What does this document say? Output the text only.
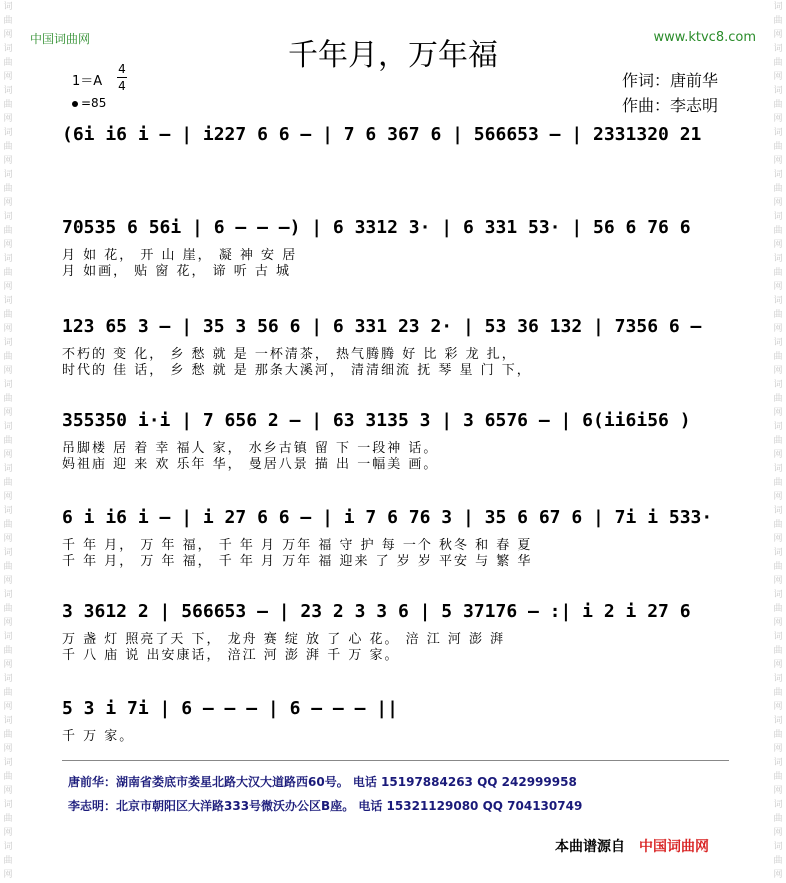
词曲网词曲网词曲网词曲网词曲网词曲网词曲网词曲网词曲网词曲网词曲网词曲网词曲网词曲网词曲网词曲网词曲网词曲网词曲网词曲网词曲网
词曲网词曲网词曲网词曲网词曲网词曲网词曲网词曲网词曲网词曲网词曲网词曲网词曲网词曲网词曲网词曲网词曲网词曲网词曲网词曲网词曲网
中国词曲网	www.ktvc8.com
千年月，万年福
1＝A
4
4
=85
作词：唐前华
作曲：李志明
(6i i6 i – | i227 6 6 – | 7 6 367 6 | 566653 – | 2331320 21
70535 6 56i | 6 – – –) | 6 3312 3· | 6 331 53· | 56 6 76 6
月 如 花， 开 山 崖， 凝 神 安 居
月 如画， 贴 窗 花， 谛 听 古 城
123 65 3 – | 35 3 56 6 | 6 331 23 2· | 53 36 132 | 7356 6 –
不朽的 变 化， 乡 愁 就 是 一杯清茶， 热气腾腾 好 比 彩 龙 扎，
时代的 佳 话， 乡 愁 就 是 那条大溪河， 清清细流 抚 琴 星 门 下，
355350 i·i | 7 656 2 – | 63 3135 3 | 3 6576 – | 6(ii6i56 )
吊脚楼 居 着 幸 福人 家， 水乡古镇 留 下 一段神 话。
妈祖庙 迎 来 欢 乐年 华， 曼居八景 描 出 一幅美 画。
6 i i6 i – | i 27 6 6 – | i 7 6 76 3 | 35 6 67 6 | 7i i 533·
千 年 月， 万 年 福， 千 年 月 万年 福 守 护 每 一个 秋冬 和 春 夏
千 年 月， 万 年 福， 千 年 月 万年 福 迎来 了 岁 岁 平安 与 繁 华
3 3612 2 | 566653 – | 23 2 3 3 6 | 5 37176 – :| i 2 i 27 6
万 盏 灯 照亮了天 下， 龙舟 赛 绽 放 了 心 花。 涪 江 河 澎 湃
千 八 庙 说 出安康话， 涪江 河 澎 湃 千 万 家。
5 3 i 7i | 6 – – – | 6 – – – ||
千 万 家。
唐前华：湖南省娄底市娄星北路大汉大道路西60号。 电话 15197884263 QQ 242999958
李志明：北京市朝阳区大洋路333号微沃办公区B座。 电话 15321129080 QQ 704130749
本曲谱源自 中国词曲网
